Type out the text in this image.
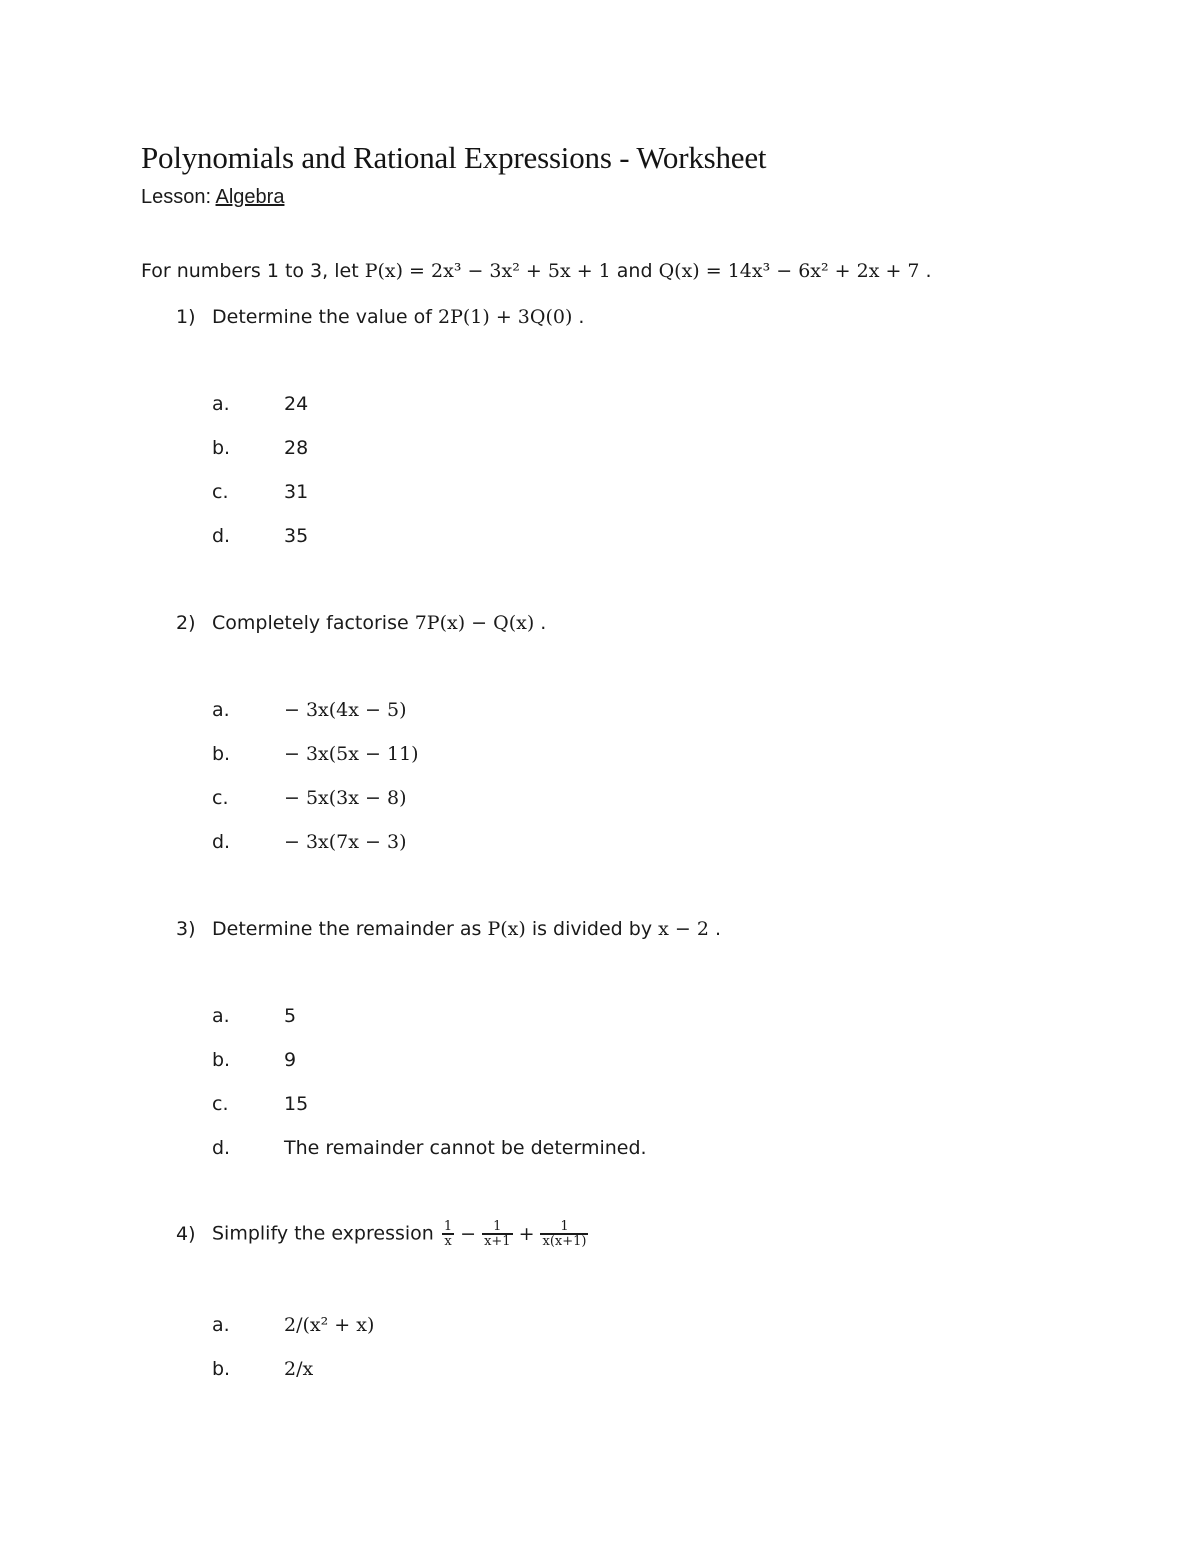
Polynomials and Rational Expressions - Worksheet
Lesson: Algebra
For numbers 1 to 3, let P(x) = 2x³ − 3x² + 5x + 1 and Q(x) = 14x³ − 6x² + 2x + 7 .
1) Determine the value of 2P(1) + 3Q(0) .
a.	24
b.	28
c.	31
d.	35
2) Completely factorise 7P(x) − Q(x) .
a.	− 3x(4x − 5)
b.	− 3x(5x − 11)
c.	− 5x(3x − 8)
d.	− 3x(7x − 3)
3) Determine the remainder as P(x) is divided by x − 2 .
a.	5
b.	9
c.	15
d.	The remainder cannot be determined.
4) Simplify the expression $\frac{1}{x} - \frac{1}{x+1} + \frac{1}{x(x+1)}$
a.	2/(x² + x)
b.	2/x
